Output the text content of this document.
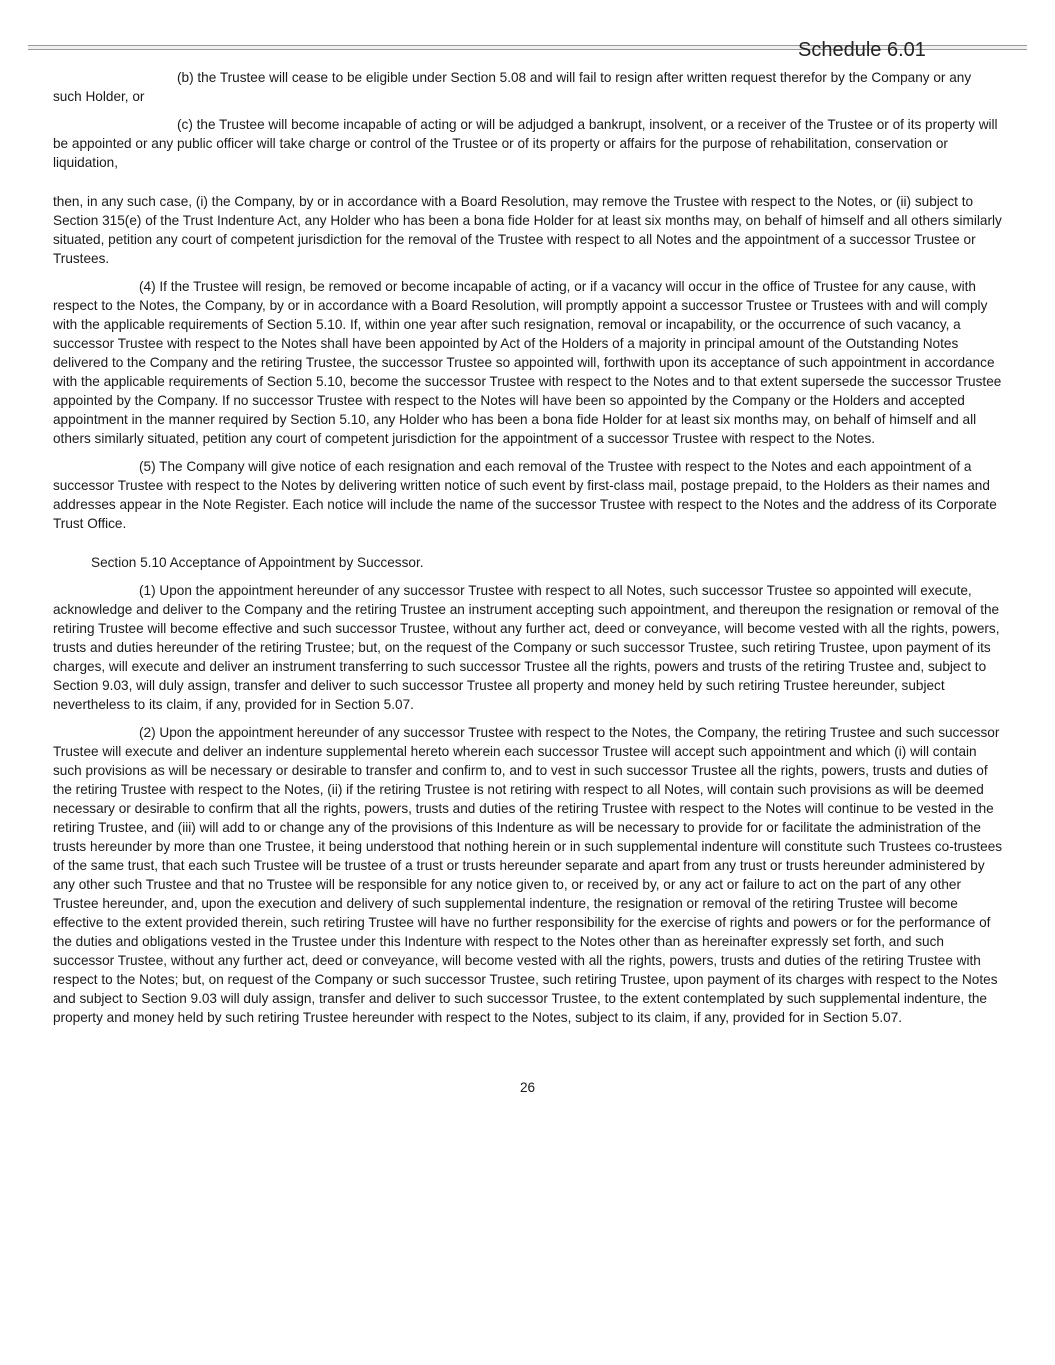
Schedule 6.01

(b) the Trustee will cease to be eligible under Section 5.08 and will fail to resign after written request therefor by the Company or any such Holder, or

(c) the Trustee will become incapable of acting or will be adjudged a bankrupt, insolvent, or a receiver of the Trustee or of its property will be appointed or any public officer will take charge or control of the Trustee or of its property or affairs for the purpose of rehabilitation, conservation or liquidation,

then, in any such case, (i) the Company, by or in accordance with a Board Resolution, may remove the Trustee with respect to the Notes, or (ii) subject to Section 315(e) of the Trust Indenture Act, any Holder who has been a bona fide Holder for at least six months may, on behalf of himself and all others similarly situated, petition any court of competent jurisdiction for the removal of the Trustee with respect to all Notes and the appointment of a successor Trustee or Trustees.

(4) If the Trustee will resign, be removed or become incapable of acting, or if a vacancy will occur in the office of Trustee for any cause, with respect to the Notes, the Company, by or in accordance with a Board Resolution, will promptly appoint a successor Trustee or Trustees with and will comply with the applicable requirements of Section 5.10. If, within one year after such resignation, removal or incapability, or the occurrence of such vacancy, a successor Trustee with respect to the Notes shall have been appointed by Act of the Holders of a majority in principal amount of the Outstanding Notes delivered to the Company and the retiring Trustee, the successor Trustee so appointed will, forthwith upon its acceptance of such appointment in accordance with the applicable requirements of Section 5.10, become the successor Trustee with respect to the Notes and to that extent supersede the successor Trustee appointed by the Company. If no successor Trustee with respect to the Notes will have been so appointed by the Company or the Holders and accepted appointment in the manner required by Section 5.10, any Holder who has been a bona fide Holder for at least six months may, on behalf of himself and all others similarly situated, petition any court of competent jurisdiction for the appointment of a successor Trustee with respect to the Notes.

(5) The Company will give notice of each resignation and each removal of the Trustee with respect to the Notes and each appointment of a successor Trustee with respect to the Notes by delivering written notice of such event by first-class mail, postage prepaid, to the Holders as their names and addresses appear in the Note Register. Each notice will include the name of the successor Trustee with respect to the Notes and the address of its Corporate Trust Office.

Section 5.10 Acceptance of Appointment by Successor.

(1) Upon the appointment hereunder of any successor Trustee with respect to all Notes, such successor Trustee so appointed will execute, acknowledge and deliver to the Company and the retiring Trustee an instrument accepting such appointment, and thereupon the resignation or removal of the retiring Trustee will become effective and such successor Trustee, without any further act, deed or conveyance, will become vested with all the rights, powers, trusts and duties hereunder of the retiring Trustee; but, on the request of the Company or such successor Trustee, such retiring Trustee, upon payment of its charges, will execute and deliver an instrument transferring to such successor Trustee all the rights, powers and trusts of the retiring Trustee and, subject to Section 9.03, will duly assign, transfer and deliver to such successor Trustee all property and money held by such retiring Trustee hereunder, subject nevertheless to its claim, if any, provided for in Section 5.07.

(2) Upon the appointment hereunder of any successor Trustee with respect to the Notes, the Company, the retiring Trustee and such successor Trustee will execute and deliver an indenture supplemental hereto wherein each successor Trustee will accept such appointment and which (i) will contain such provisions as will be necessary or desirable to transfer and confirm to, and to vest in such successor Trustee all the rights, powers, trusts and duties of the retiring Trustee with respect to the Notes, (ii) if the retiring Trustee is not retiring with respect to all Notes, will contain such provisions as will be deemed necessary or desirable to confirm that all the rights, powers, trusts and duties of the retiring Trustee with respect to the Notes will continue to be vested in the retiring Trustee, and (iii) will add to or change any of the provisions of this Indenture as will be necessary to provide for or facilitate the administration of the trusts hereunder by more than one Trustee, it being understood that nothing herein or in such supplemental indenture will constitute such Trustees co-trustees of the same trust, that each such Trustee will be trustee of a trust or trusts hereunder separate and apart from any trust or trusts hereunder administered by any other such Trustee and that no Trustee will be responsible for any notice given to, or received by, or any act or failure to act on the part of any other Trustee hereunder, and, upon the execution and delivery of such supplemental indenture, the resignation or removal of the retiring Trustee will become effective to the extent provided therein, such retiring Trustee will have no further responsibility for the exercise of rights and powers or for the performance of the duties and obligations vested in the Trustee under this Indenture with respect to the Notes other than as hereinafter expressly set forth, and such successor Trustee, without any further act, deed or conveyance, will become vested with all the rights, powers, trusts and duties of the retiring Trustee with respect to the Notes; but, on request of the Company or such successor Trustee, such retiring Trustee, upon payment of its charges with respect to the Notes and subject to Section 9.03 will duly assign, transfer and deliver to such successor Trustee, to the extent contemplated by such supplemental indenture, the property and money held by such retiring Trustee hereunder with respect to the Notes, subject to its claim, if any, provided for in Section 5.07.

26
